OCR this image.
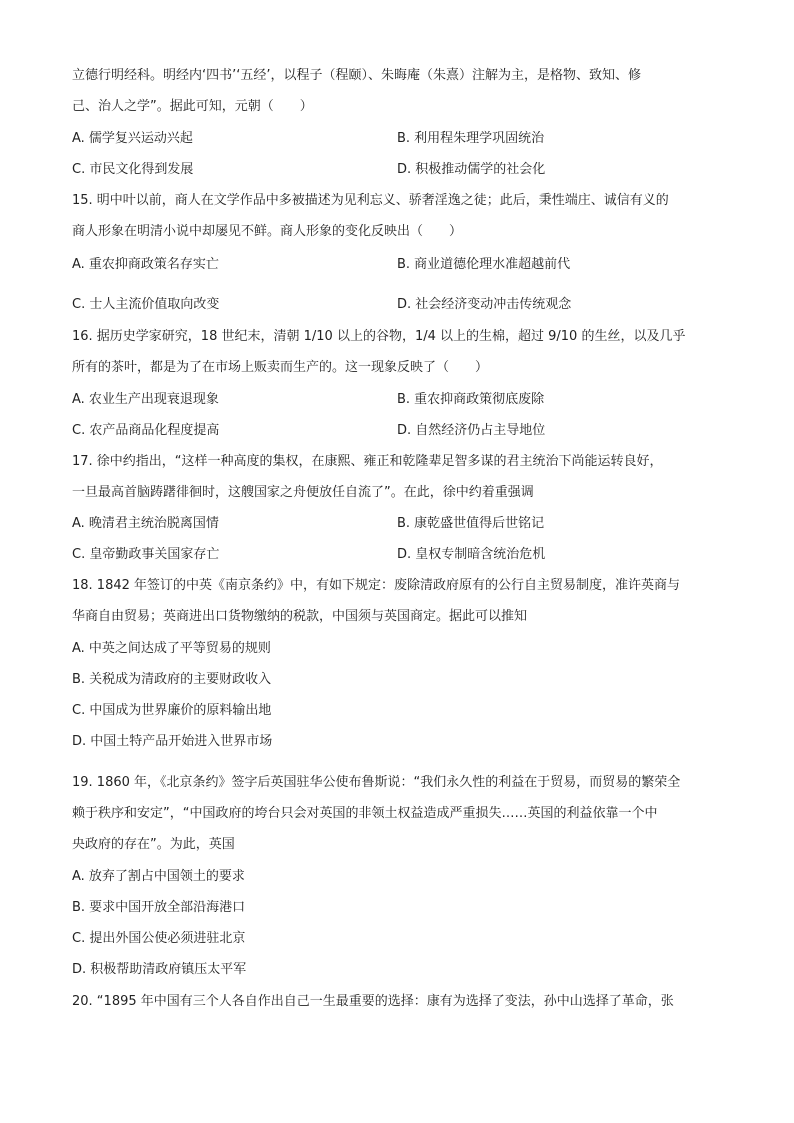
立德行明经科。明经内‘四书’‘五经’，以程子（程颐）、朱晦庵（朱熹）注解为主，是格物、致知、修
己、治人之学”。据此可知，元朝（　　）
A. 儒学复兴运动兴起	B. 利用程朱理学巩固统治
C. 市民文化得到发展	D. 积极推动儒学的社会化
15. 明中叶以前，商人在文学作品中多被描述为见利忘义、骄奢淫逸之徒；此后，秉性端庄、诚信有义的
商人形象在明清小说中却屡见不鲜。商人形象的变化反映出（　　）
A. 重农抑商政策名存实亡	B. 商业道德伦理水准超越前代
C. 士人主流价值取向改变	D. 社会经济变动冲击传统观念
16. 据历史学家研究，18 世纪末，清朝 1/10 以上的谷物，1/4 以上的生棉，超过 9/10 的生丝，以及几乎
所有的茶叶，都是为了在市场上贩卖而生产的。这一现象反映了（　　）
A. 农业生产出现衰退现象	B. 重农抑商政策彻底废除
C. 农产品商品化程度提高	D. 自然经济仍占主导地位
17. 徐中约指出，“这样一种高度的集权，在康熙、雍正和乾隆辈足智多谋的君主统治下尚能运转良好，
一旦最高首脑踌躇徘徊时，这艘国家之舟便放任自流了”。在此，徐中约着重强调
A. 晚清君主统治脱离国情	B. 康乾盛世值得后世铭记
C. 皇帝勤政事关国家存亡	D. 皇权专制暗含统治危机
18. 1842 年签订的中英《南京条约》中，有如下规定：废除清政府原有的公行自主贸易制度，准许英商与
华商自由贸易；英商进出口货物缴纳的税款，中国须与英国商定。据此可以推知
A. 中英之间达成了平等贸易的规则
B. 关税成为清政府的主要财政收入
C. 中国成为世界廉价的原料输出地
D. 中国土特产品开始进入世界市场
19. 1860 年，《北京条约》签字后英国驻华公使布鲁斯说：“我们永久性的利益在于贸易，而贸易的繁荣全
赖于秩序和安定”，“中国政府的垮台只会对英国的非领土权益造成严重损失……英国的利益依靠一个中
央政府的存在”。为此，英国
A. 放弃了割占中国领土的要求
B. 要求中国开放全部沿海港口
C. 提出外国公使必须进驻北京
D. 积极帮助清政府镇压太平军
20. “1895 年中国有三个人各自作出自己一生最重要的选择：康有为选择了变法，孙中山选择了革命，张
